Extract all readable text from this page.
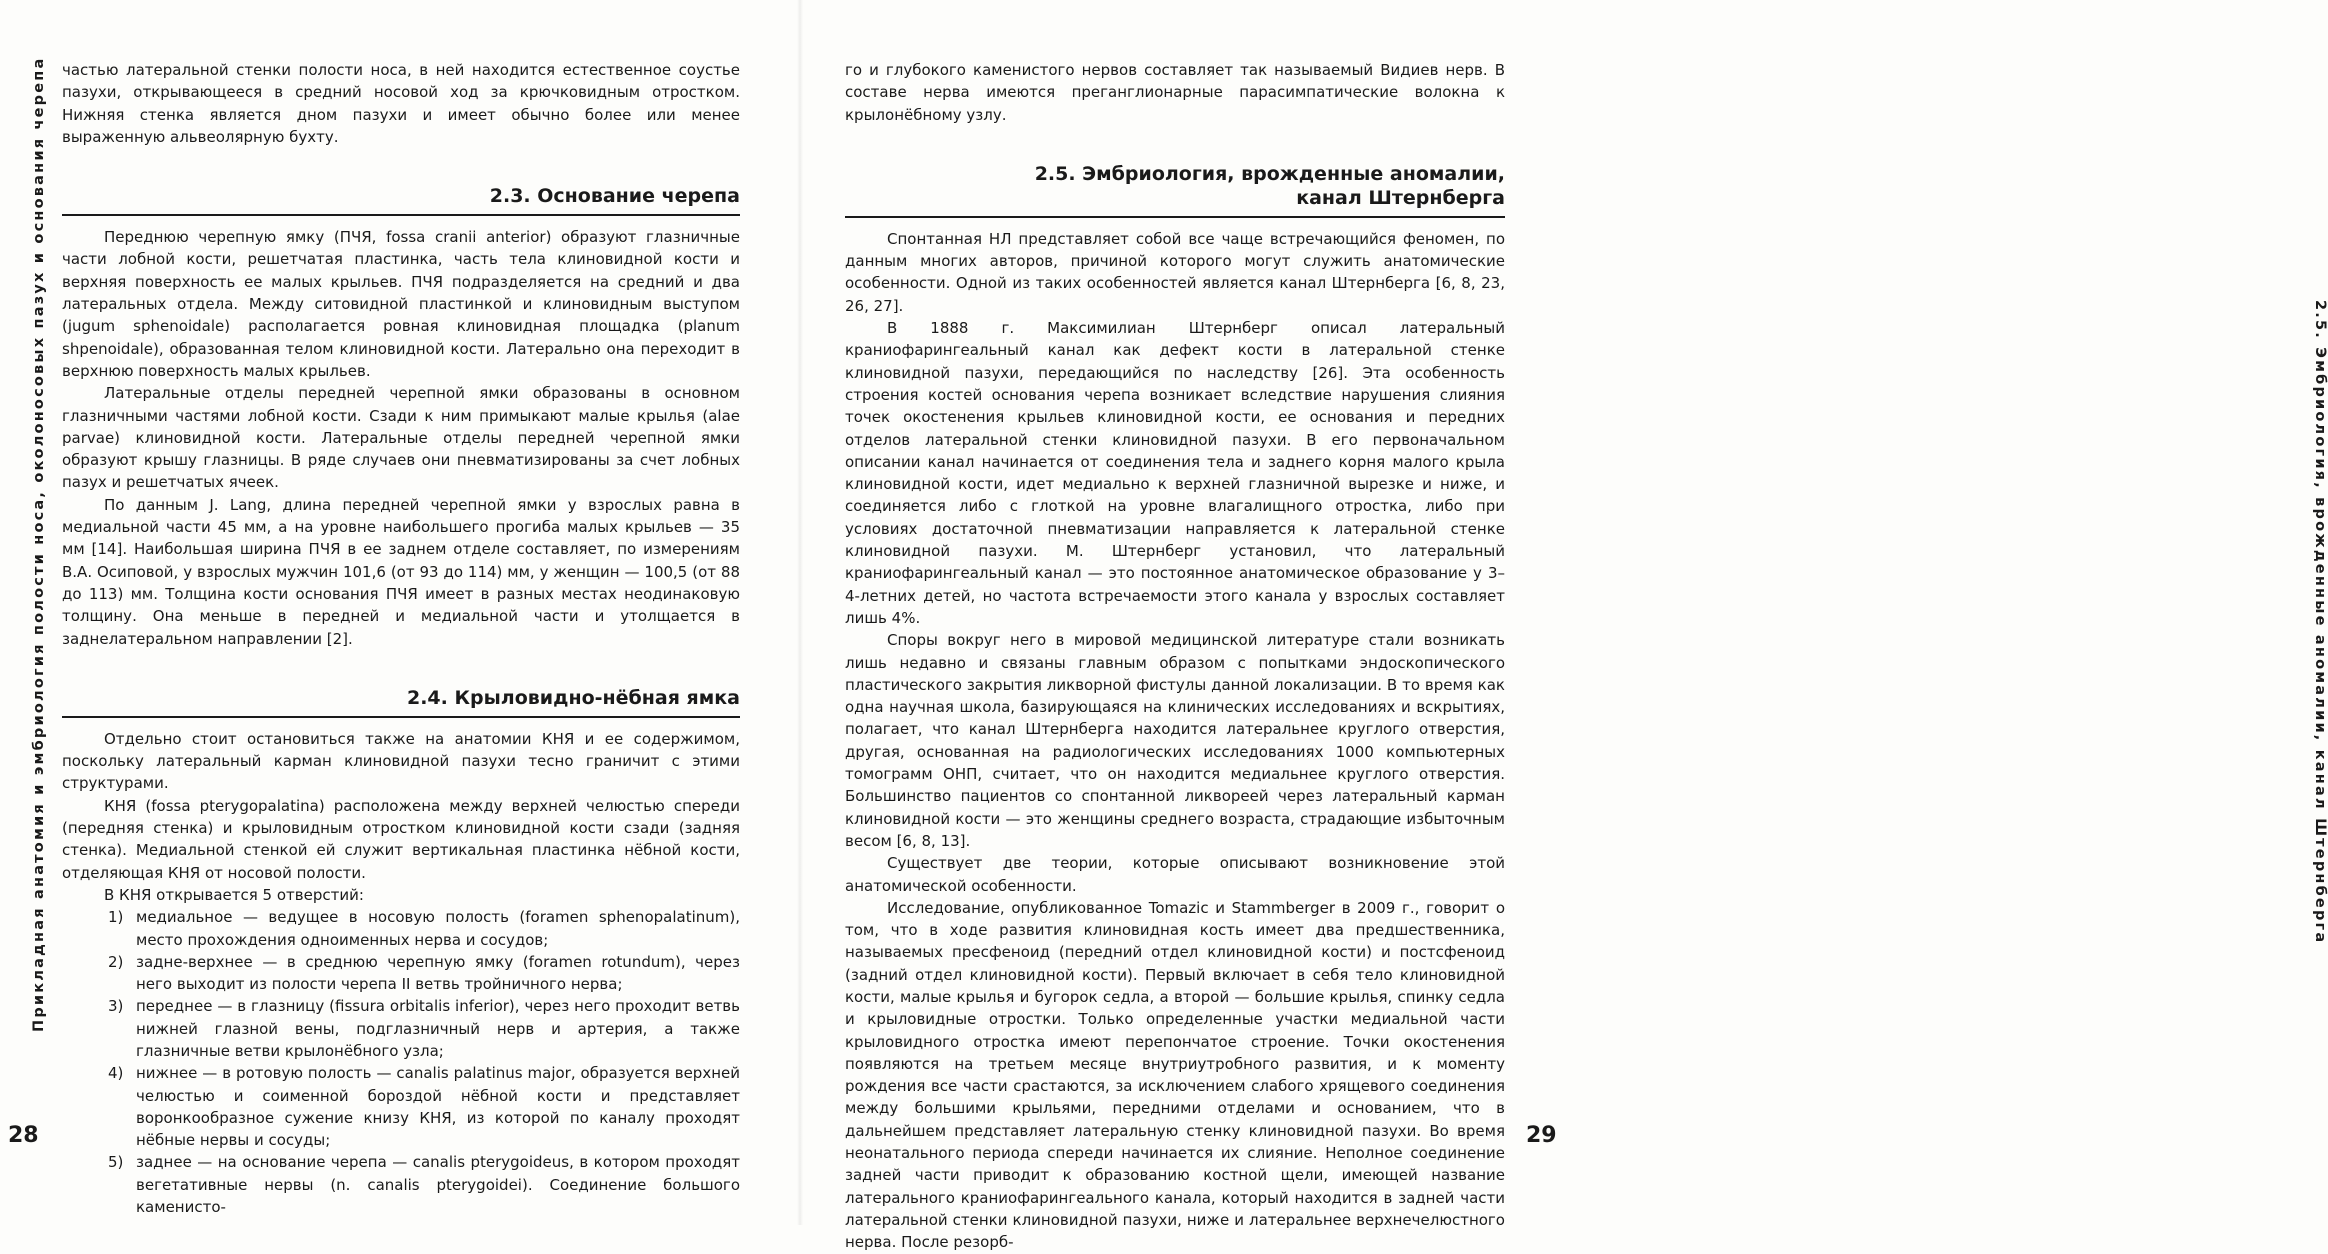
Прикладная анатомия и эмбриология полости носа, околоносовых пазух и основания черепа частью латеральной стенки полости носа, в ней находится естественное соустье пазухи, открывающееся в средний носовой ход за крючковидным отростком. Нижняя стенка является дном пазухи и имеет обычно более или менее выраженную альвеолярную бухту.

2.3. Основание черепа

Переднюю черепную ямку (ПЧЯ, fossa cranii anterior) образуют глазничные части лобной кости, решетчатая пластинка, часть тела клиновидной кости и верхняя поверхность ее малых крыльев. ПЧЯ подразделяется на средний и два латеральных отдела. Между ситовидной пластинкой и клиновидным выступом (jugum sphenoidale) располагается ровная клиновидная площадка (planum shpenoidale), образованная телом клиновидной кости. Латерально она переходит в верхнюю поверхность малых крыльев.

Латеральные отделы передней черепной ямки образованы в основном глазничными частями лобной кости. Сзади к ним примыкают малые крылья (alae parvae) клиновидной кости. Латеральные отделы передней черепной ямки образуют крышу глазницы. В ряде случаев они пневматизированы за счет лобных пазух и решетчатых ячеек.

По данным J. Lang, длина передней черепной ямки у взрослых равна в медиальной части 45 мм, а на уровне наибольшего прогиба малых крыльев — 35 мм [14]. Наибольшая ширина ПЧЯ в ее заднем отделе составляет, по измерениям В.А. Осиповой, у взрослых мужчин 101,6 (от 93 до 114) мм, у женщин — 100,5 (от 88 до 113) мм. Толщина кости основания ПЧЯ имеет в разных местах неодинаковую толщину. Она меньше в передней и медиальной части и утолщается в заднелатеральном направлении [2].

2.4. Крыловидно-нёбная ямка

Отдельно стоит остановиться также на анатомии КНЯ и ее содержимом, поскольку латеральный карман клиновидной пазухи тесно граничит с этими структурами.

КНЯ (fossa pterygopalatina) расположена между верхней челюстью спереди (передняя стенка) и крыловидным отростком клиновидной кости сзади (задняя стенка). Медиальной стенкой ей служит вертикальная пластинка нёбной кости, отделяющая КНЯ от носовой полости.

В КНЯ открывается 5 отверстий:

1) медиальное — ведущее в носовую полость (foramen sphenopalatinum), место прохождения одноименных нерва и сосудов;
2) задне-верхнее — в среднюю черепную ямку (foramen rotundum), через него выходит из полости черепа II ветвь тройничного нерва;
3) переднее — в глазницу (fissura orbitalis inferior), через него проходит ветвь нижней глазной вены, подглазничный нерв и артерия, а также глазничные ветви крылонёбного узла;
4) нижнее — в ротовую полость — canalis palatinus major, образуется верхней челюстью и соименной бороздой нёбной кости и представляет воронкообразное сужение книзу КНЯ, из которой по каналу проходят нёбные нервы и сосуды;
5) заднее — на основание черепа — canalis pterygoideus, в котором проходят вегетативные нервы (n. canalis pterygoidei). Соединение большого каменисто-
28

го и глубокого каменистого нервов составляет так называемый Видиев нерв. В составе нерва имеются преганглионарные парасимпатические волокна к крылонёбному узлу.

2.5. Эмбриология, врожденные аномалии,
канал Штернберга

Спонтанная НЛ представляет собой все чаще встречающийся феномен, по данным многих авторов, причиной которого могут служить анатомические особенности. Одной из таких особенностей является канал Штернберга [6, 8, 23, 26, 27].

В 1888 г. Максимилиан Штернберг описал латеральный краниофарингеальный канал как дефект кости в латеральной стенке клиновидной пазухи, передающийся по наследству [26]. Эта особенность строения костей основания черепа возникает вследствие нарушения слияния точек окостенения крыльев клиновидной кости, ее основания и передних отделов латеральной стенки клиновидной пазухи. В его первоначальном описании канал начинается от соединения тела и заднего корня малого крыла клиновидной кости, идет медиально к верхней глазничной вырезке и ниже, и соединяется либо с глоткой на уровне влагалищного отростка, либо при условиях достаточной пневматизации направляется к латеральной стенке клиновидной пазухи. М. Штернберг установил, что латеральный краниофарингеальный канал — это постоянное анатомическое образование у 3–4-летних детей, но частота встречаемости этого канала у взрослых составляет лишь 4%.

Споры вокруг него в мировой медицинской литературе стали возникать лишь недавно и связаны главным образом с попытками эндоскопического пластического закрытия ликворной фистулы данной локализации. В то время как одна научная школа, базирующаяся на клинических исследованиях и вскрытиях, полагает, что канал Штернберга находится латеральнее круглого отверстия, другая, основанная на радиологических исследованиях 1000 компьютерных томограмм ОНП, считает, что он находится медиальнее круглого отверстия. Большинство пациентов со спонтанной ликвореей через латеральный карман клиновидной кости — это женщины среднего возраста, страдающие избыточным весом [6, 8, 13].

Существует две теории, которые описывают возникновение этой анатомической особенности.

Исследование, опубликованное Tomazic и Stammberger в 2009 г., говорит о том, что в ходе развития клиновидная кость имеет два предшественника, называемых пресфеноид (передний отдел клиновидной кости) и постсфеноид (задний отдел клиновидной кости). Первый включает в себя тело клиновидной кости, малые крылья и бугорок седла, а второй — большие крылья, спинку седла и крыловидные отростки. Только определенные участки медиальной части крыловидного отростка имеют перепончатое строение. Точки окостенения появляются на третьем месяце внутриутробного развития, и к моменту рождения все части срастаются, за исключением слабого хрящевого соединения между большими крыльями, передними отделами и основанием, что в дальнейшем представляет латеральную стенку клиновидной пазухи. Во время неонатального периода спереди начинается их слияние. Неполное соединение задней части приводит к образованию костной щели, имеющей название латерального краниофарингеального канала, который находится в задней части латеральной стенки клиновидной пазухи, ниже и латеральнее верхнечелюстного нерва. После резорб-

2.5. Эмбриология, врожденные аномалии, канал Штернберга
29
